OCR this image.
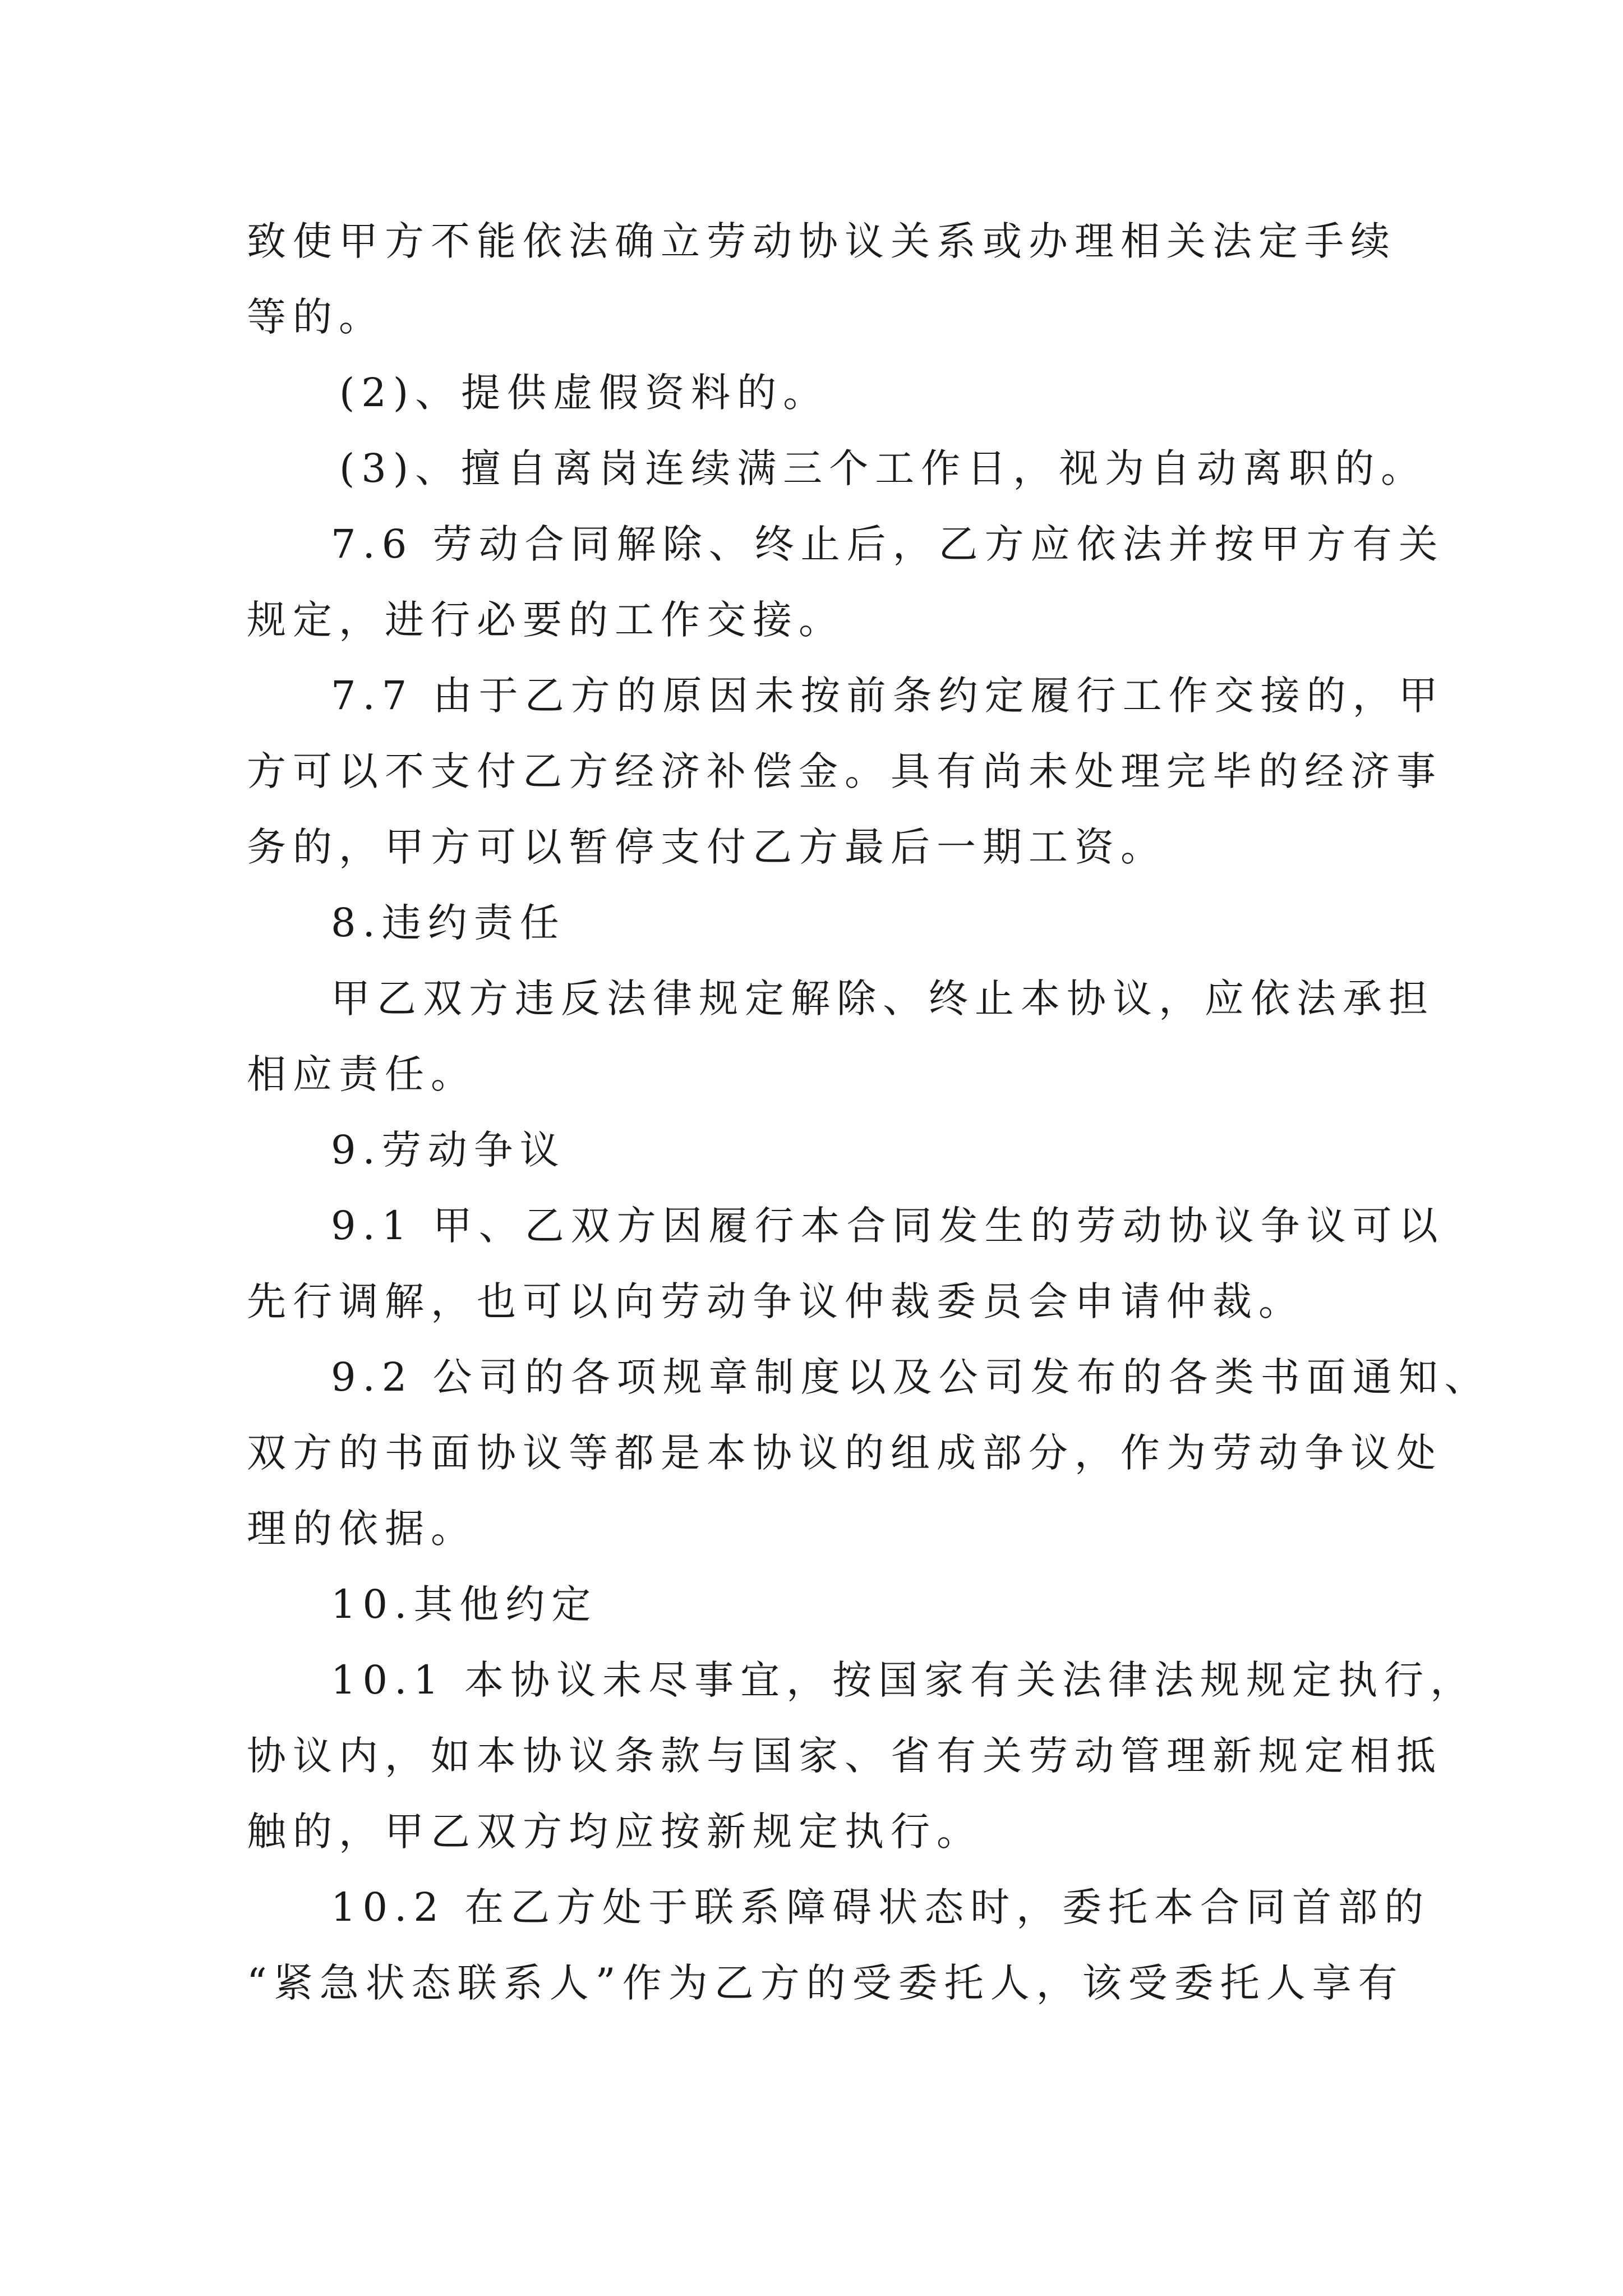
致使甲方不能依法确立劳动协议关系或办理相关法定手续
等的。
(2)、提供虚假资料的。
(3)、擅自离岗连续满三个工作日，视为自动离职的。
7.6 劳动合同解除、终止后，乙方应依法并按甲方有关
规定，进行必要的工作交接。
7.7 由于乙方的原因未按前条约定履行工作交接的，甲
方可以不支付乙方经济补偿金。具有尚未处理完毕的经济事
务的，甲方可以暂停支付乙方最后一期工资。
8.违约责任
甲乙双方违反法律规定解除、终止本协议，应依法承担
相应责任。
9.劳动争议
9.1 甲、乙双方因履行本合同发生的劳动协议争议可以
先行调解，也可以向劳动争议仲裁委员会申请仲裁。
9.2 公司的各项规章制度以及公司发布的各类书面通知、
双方的书面协议等都是本协议的组成部分，作为劳动争议处
理的依据。
10.其他约定
10.1 本协议未尽事宜，按国家有关法律法规规定执行，
协议内，如本协议条款与国家、省有关劳动管理新规定相抵
触的，甲乙双方均应按新规定执行。
10.2 在乙方处于联系障碍状态时，委托本合同首部的
“紧急状态联系人”作为乙方的受委托人，该受委托人享有
